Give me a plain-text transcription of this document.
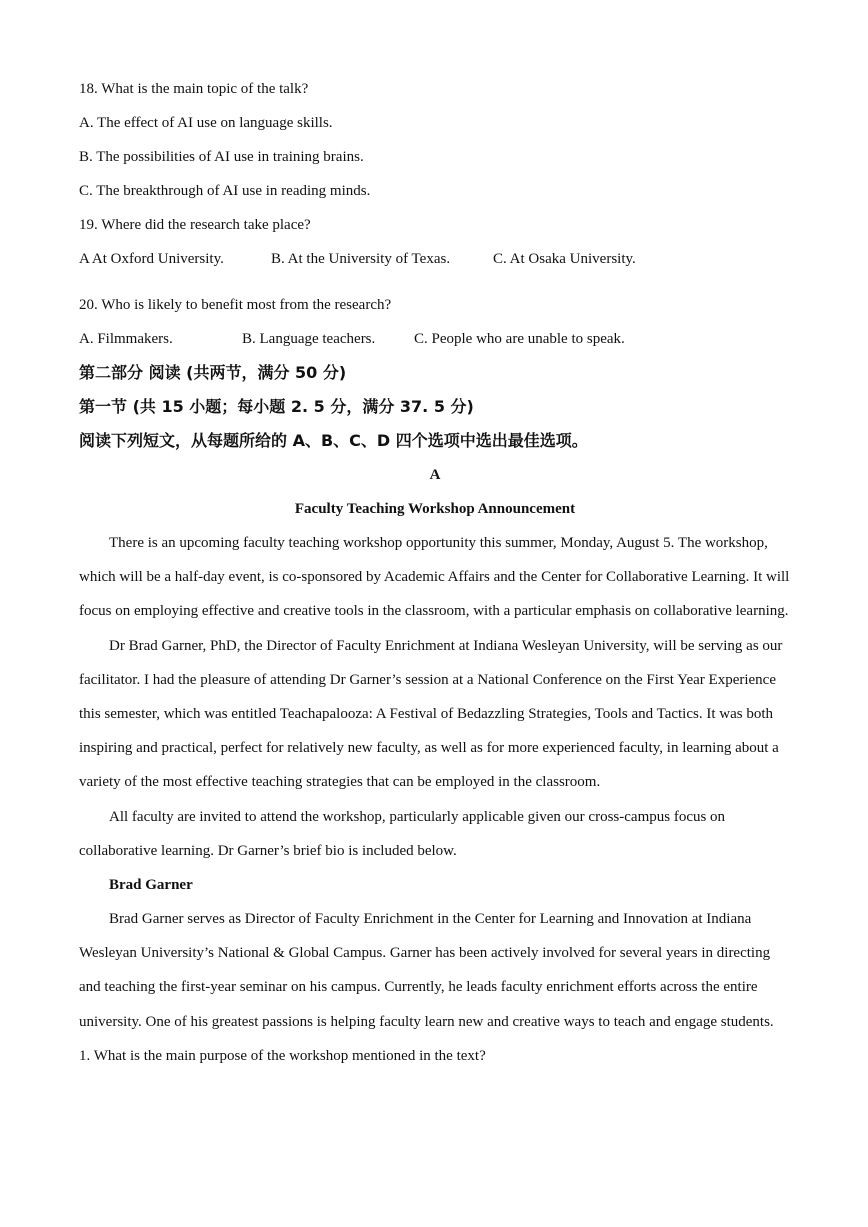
18. What is the main topic of the talk?
A. The effect of AI use on language skills.
B. The possibilities of AI use in training brains.
C. The breakthrough of AI use in reading minds.
19. Where did the research take place?
A At Oxford University.	B. At the University of Texas.	C. At Osaka University.
20. Who is likely to benefit most from the research?
A. Filmmakers.	B. Language teachers.	C. People who are unable to speak.
第二部分 阅读 (共两节，满分 50 分)
第一节 (共 15 小题；每小题 2. 5 分，满分 37. 5 分)
阅读下列短文，从每题所给的 A、B、C、D 四个选项中选出最佳选项。
A
Faculty Teaching Workshop Announcement

There is an upcoming faculty teaching workshop opportunity this summer, Monday, August 5. The workshop, which will be a half-day event, is co-sponsored by Academic Affairs and the Center for Collaborative Learning. It will focus on employing effective and creative tools in the classroom, with a particular emphasis on collaborative learning.

Dr Brad Garner, PhD, the Director of Faculty Enrichment at Indiana Wesleyan University, will be serving as our facilitator. I had the pleasure of attending Dr Garner’s session at a National Conference on the First Year Experience this semester, which was entitled Teachapalooza: A Festival of Bedazzling Strategies, Tools and Tactics. It was both inspiring and practical, perfect for relatively new faculty, as well as for more experienced faculty, in learning about a variety of the most effective teaching strategies that can be employed in the classroom.

All faculty are invited to attend the workshop, particularly applicable given our cross-campus focus on collaborative learning. Dr Garner’s brief bio is included below.

Brad Garner

Brad Garner serves as Director of Faculty Enrichment in the Center for Learning and Innovation at Indiana Wesleyan University’s National & Global Campus. Garner has been actively involved for several years in directing and teaching the first-year seminar on his campus. Currently, he leads faculty enrichment efforts across the entire university. One of his greatest passions is helping faculty learn new and creative ways to teach and engage students.

1. What is the main purpose of the workshop mentioned in the text?
